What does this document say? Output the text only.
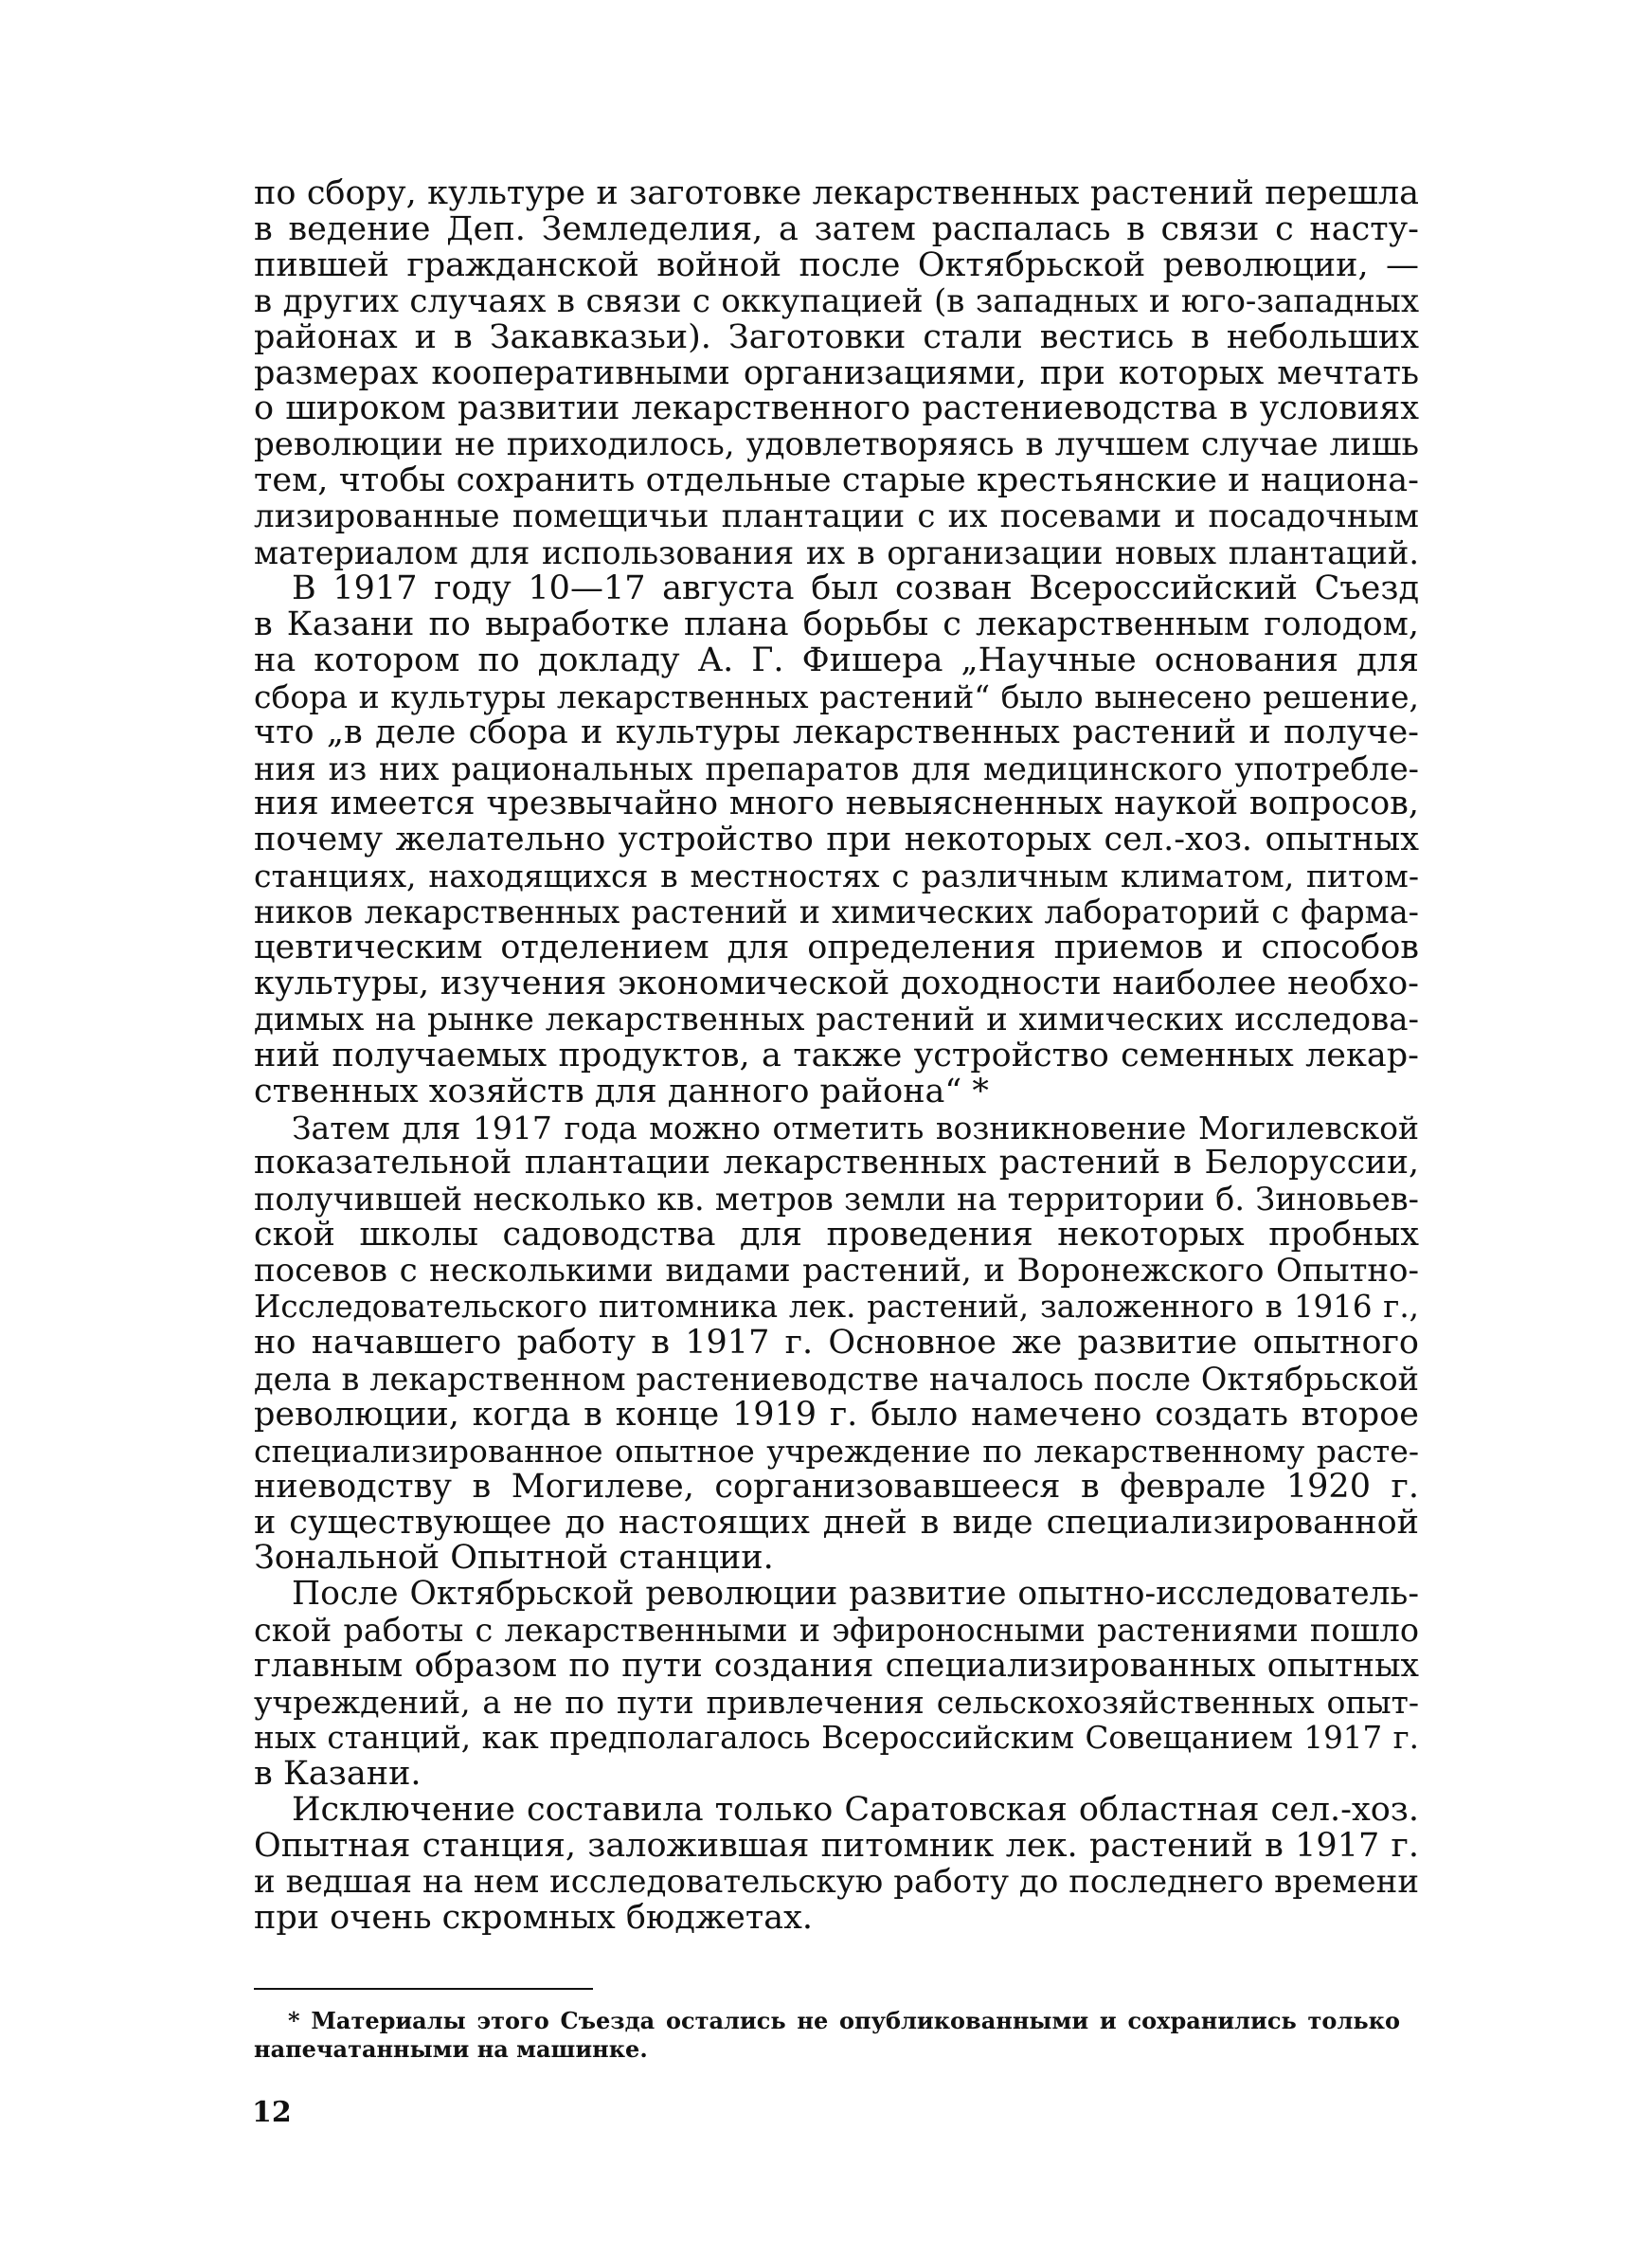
по сбору, культуре и заготовке лекарственных растений перешла
в ведение Деп. Земледелия, а затем распалась в связи с насту-
пившей гражданской войной после Октябрьской революции, —
в других случаях в связи с оккупацией (в западных и юго-западных
районах и в Закавказьи). Заготовки стали вестись в небольших
размерах кооперативными организациями, при которых мечтать
о широком развитии лекарственного растениеводства в условиях
революции не приходилось, удовлетворяясь в лучшем случае лишь
тем, чтобы сохранить отдельные старые крестьянские и национа-
лизированные помещичьи плантации с их посевами и посадочным
материалом для использования их в организации новых плантаций.

В 1917 году 10—17 августа был созван Всероссийский Съезд
в Казани по выработке плана борьбы с лекарственным голодом,
на котором по докладу А. Г. Фишера „Научные основания для
сбора и культуры лекарственных растений“ было вынесено решение,
что „в деле сбора и культуры лекарственных растений и получе-
ния из них рациональных препаратов для медицинского употребле-
ния имеется чрезвычайно много невыясненных наукой вопросов,
почему желательно устройство при некоторых сел.-хоз. опытных
станциях, находящихся в местностях с различным климатом, питом-
ников лекарственных растений и химических лабораторий с фарма-
цевтическим отделением для определения приемов и способов
культуры, изучения экономической доходности наиболее необхо-
димых на рынке лекарственных растений и химических исследова-
ний получаемых продуктов, а также устройство семенных лекар-
ственных хозяйств для данного района“ *

Затем для 1917 года можно отметить возникновение Могилевской
показательной плантации лекарственных растений в Белоруссии,
получившей несколько кв. метров земли на территории б. Зиновьев-
ской школы садоводства для проведения некоторых пробных
посевов с несколькими видами растений, и Воронежского Опытно-
Исследовательского питомника лек. растений, заложенного в 1916 г.,
но начавшего работу в 1917 г. Основное же развитие опытного
дела в лекарственном растениеводстве началось после Октябрьской
революции, когда в конце 1919 г. было намечено создать второе
специализированное опытное учреждение по лекарственному расте-
ниеводству в Могилеве, сорганизовавшееся в феврале 1920 г.
и существующее до настоящих дней в виде специализированной
Зональной Опытной станции.

После Октябрьской революции развитие опытно-исследователь-
ской работы с лекарственными и эфироносными растениями пошло
главным образом по пути создания специализированных опытных
учреждений, а не по пути привлечения сельскохозяйственных опыт-
ных станций, как предполагалось Всероссийским Совещанием 1917 г.
в Казани.

Исключение составила только Саратовская областная сел.-хоз.
Опытная станция, заложившая питомник лек. растений в 1917 г.
и ведшая на нем исследовательскую работу до последнего времени
при очень скромных бюджетах.

* Материалы этого Съезда остались не опубликованными и сохранились только
напечатанными на машинке.
12
